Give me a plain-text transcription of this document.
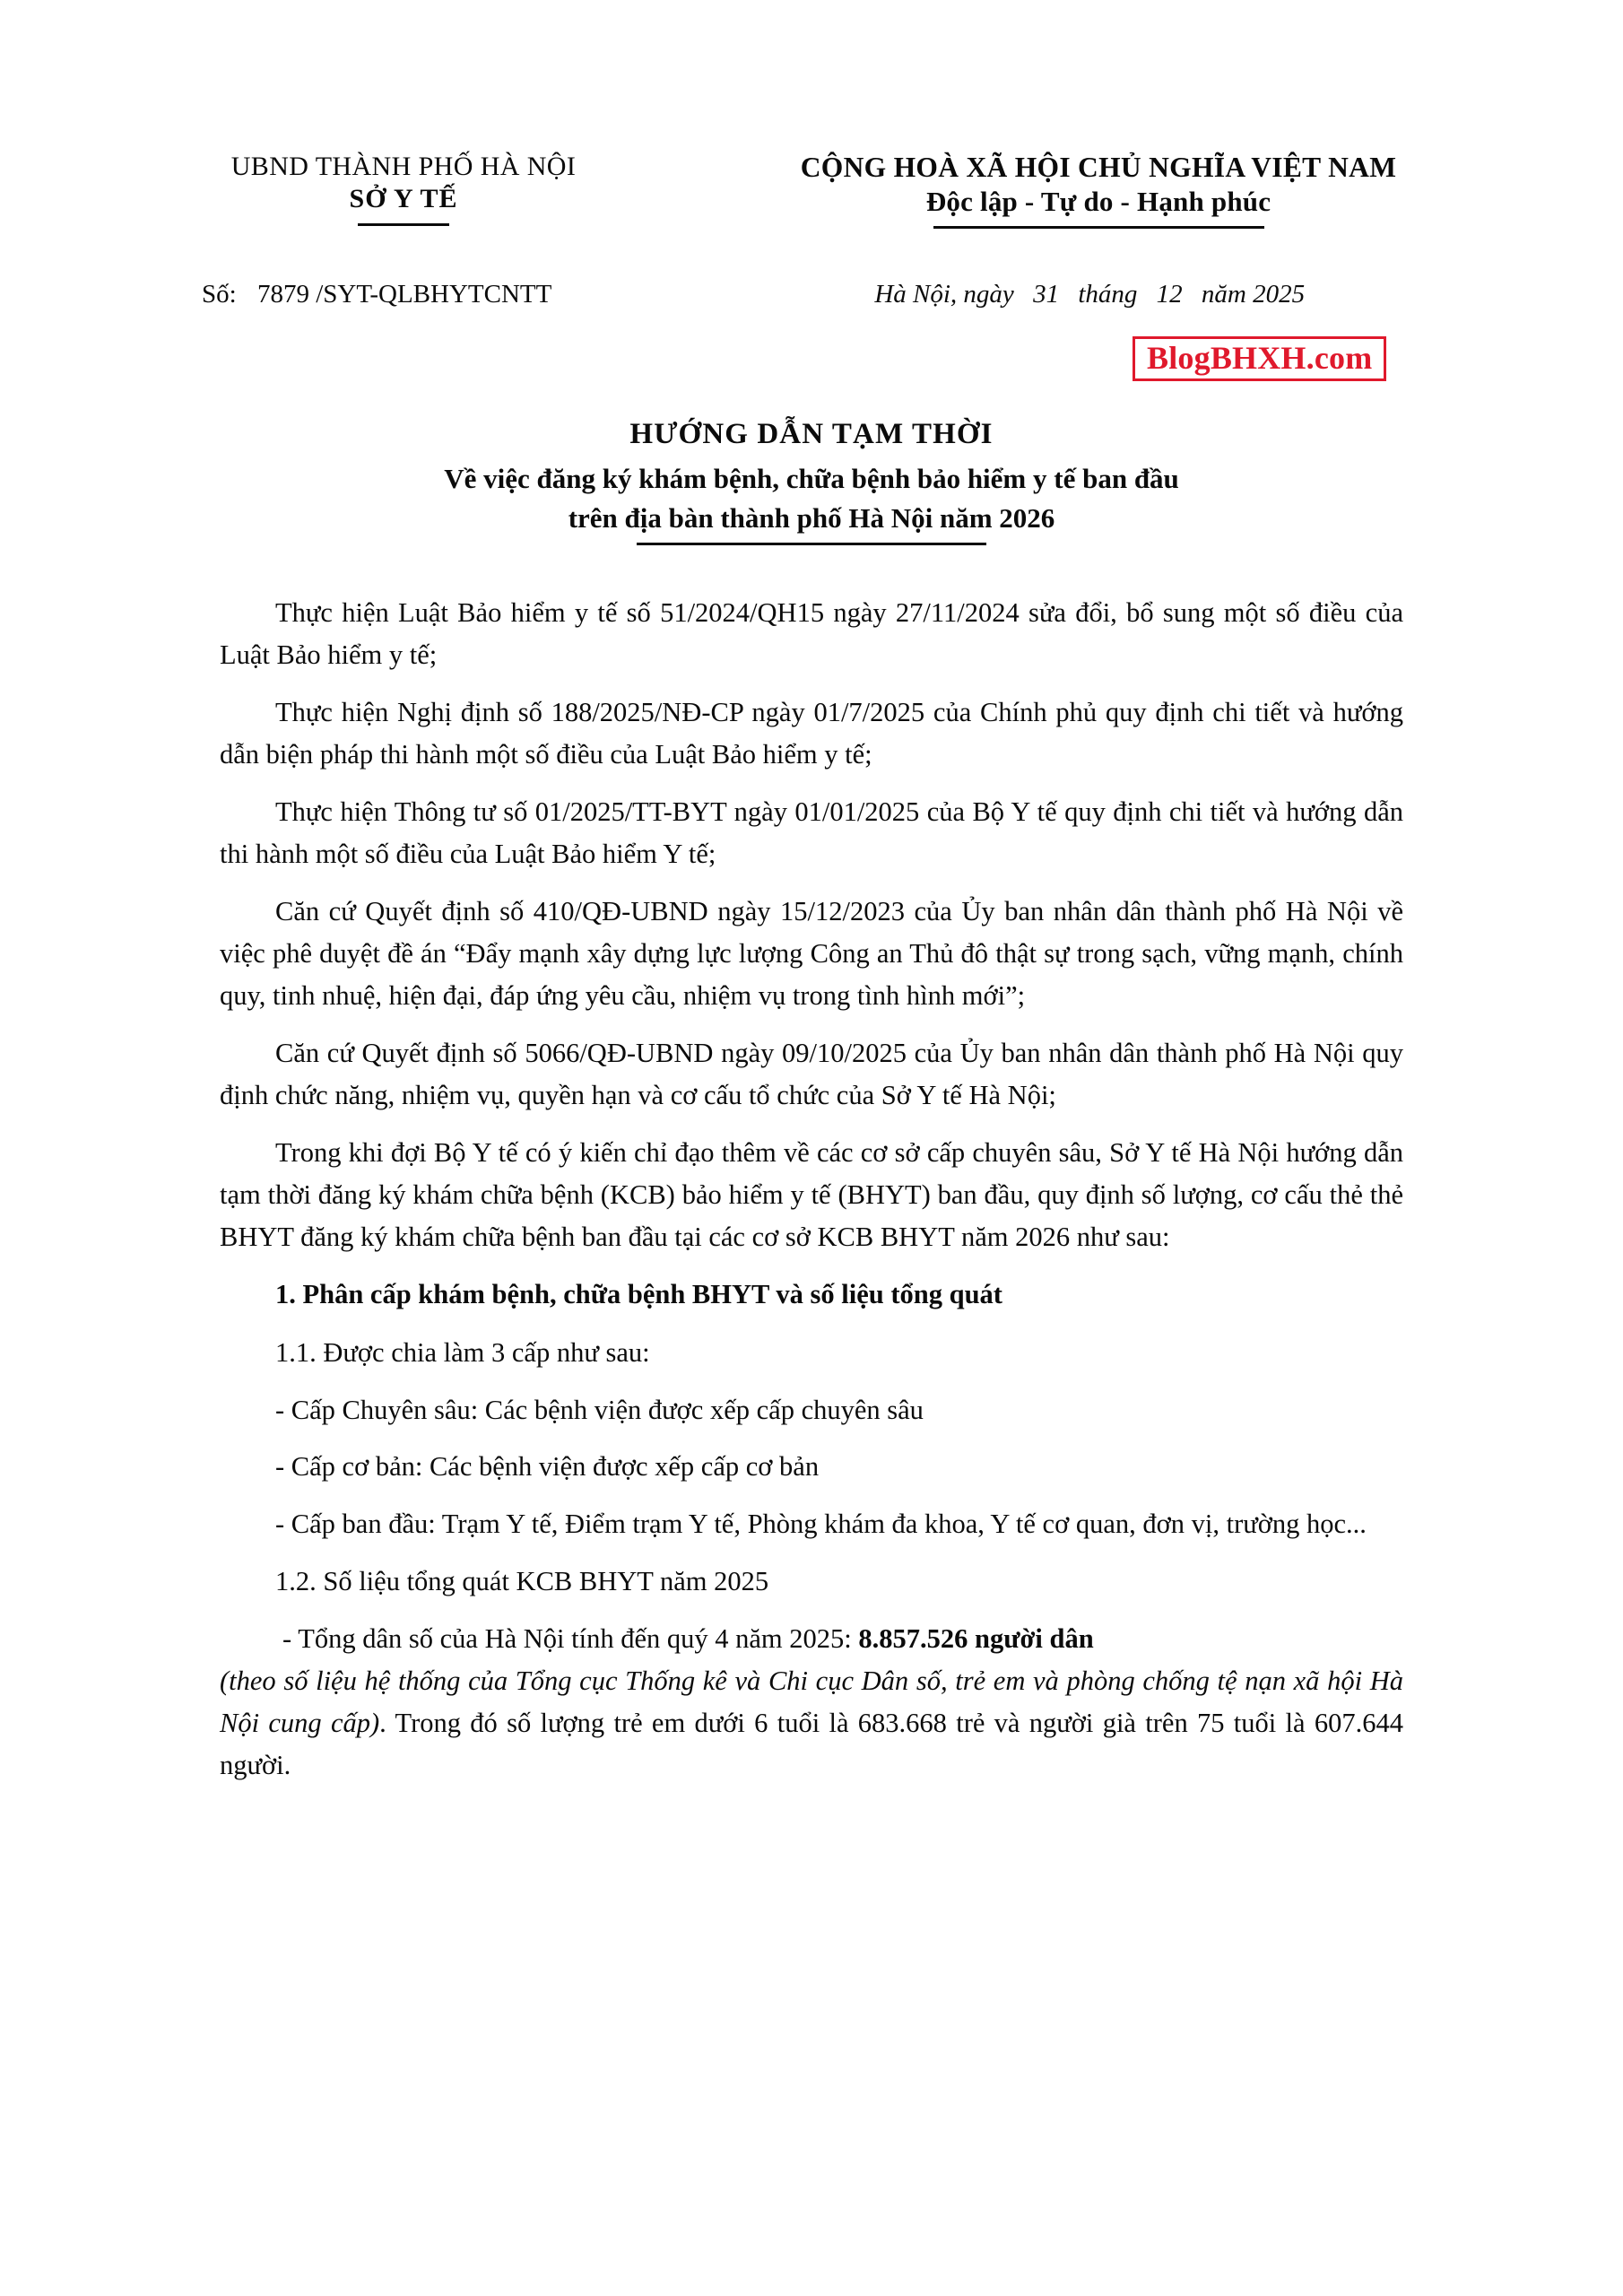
UBND THÀNH PHỐ HÀ NỘI
SỞ Y TẾ
CỘNG HOÀ XÃ HỘI CHỦ NGHĨA VIỆT NAM
Độc lập - Tự do - Hạnh phúc
Số: 7879 /SYT-QLBHYTCNTT	Hà Nội, ngày 31 tháng 12 năm 2025
BlogBHXH.com
HƯỚNG DẪN TẠM THỜI
Về việc đăng ký khám bệnh, chữa bệnh bảo hiểm y tế ban đầu
trên địa bàn thành phố Hà Nội năm 2026

Thực hiện Luật Bảo hiểm y tế số 51/2024/QH15 ngày 27/11/2024 sửa đổi, bổ sung một số điều của Luật Bảo hiểm y tế;

Thực hiện Nghị định số 188/2025/NĐ-CP ngày 01/7/2025 của Chính phủ quy định chi tiết và hướng dẫn biện pháp thi hành một số điều của Luật Bảo hiểm y tế;

Thực hiện Thông tư số 01/2025/TT-BYT ngày 01/01/2025 của Bộ Y tế quy định chi tiết và hướng dẫn thi hành một số điều của Luật Bảo hiểm Y tế;

Căn cứ Quyết định số 410/QĐ-UBND ngày 15/12/2023 của Ủy ban nhân dân thành phố Hà Nội về việc phê duyệt đề án “Đẩy mạnh xây dựng lực lượng Công an Thủ đô thật sự trong sạch, vững mạnh, chính quy, tinh nhuệ, hiện đại, đáp ứng yêu cầu, nhiệm vụ trong tình hình mới”;

Căn cứ Quyết định số 5066/QĐ-UBND ngày 09/10/2025 của Ủy ban nhân dân thành phố Hà Nội quy định chức năng, nhiệm vụ, quyền hạn và cơ cấu tổ chức của Sở Y tế Hà Nội;

Trong khi đợi Bộ Y tế có ý kiến chỉ đạo thêm về các cơ sở cấp chuyên sâu, Sở Y tế Hà Nội hướng dẫn tạm thời đăng ký khám chữa bệnh (KCB) bảo hiểm y tế (BHYT) ban đầu, quy định số lượng, cơ cấu thẻ thẻ BHYT đăng ký khám chữa bệnh ban đầu tại các cơ sở KCB BHYT năm 2026 như sau:

1. Phân cấp khám bệnh, chữa bệnh BHYT và số liệu tổng quát

1.1. Được chia làm 3 cấp như sau:

- Cấp Chuyên sâu: Các bệnh viện được xếp cấp chuyên sâu

- Cấp cơ bản: Các bệnh viện được xếp cấp cơ bản

- Cấp ban đầu: Trạm Y tế, Điểm trạm Y tế, Phòng khám đa khoa, Y tế cơ quan, đơn vị, trường học...

1.2. Số liệu tổng quát KCB BHYT năm 2025

- Tổng dân số của Hà Nội tính đến quý 4 năm 2025: 8.857.526 người dân
(theo số liệu hệ thống của Tổng cục Thống kê và Chi cục Dân số, trẻ em và phòng chống tệ nạn xã hội Hà Nội cung cấp). Trong đó số lượng trẻ em dưới 6 tuổi là 683.668 trẻ và người già trên 75 tuổi là 607.644 người.
